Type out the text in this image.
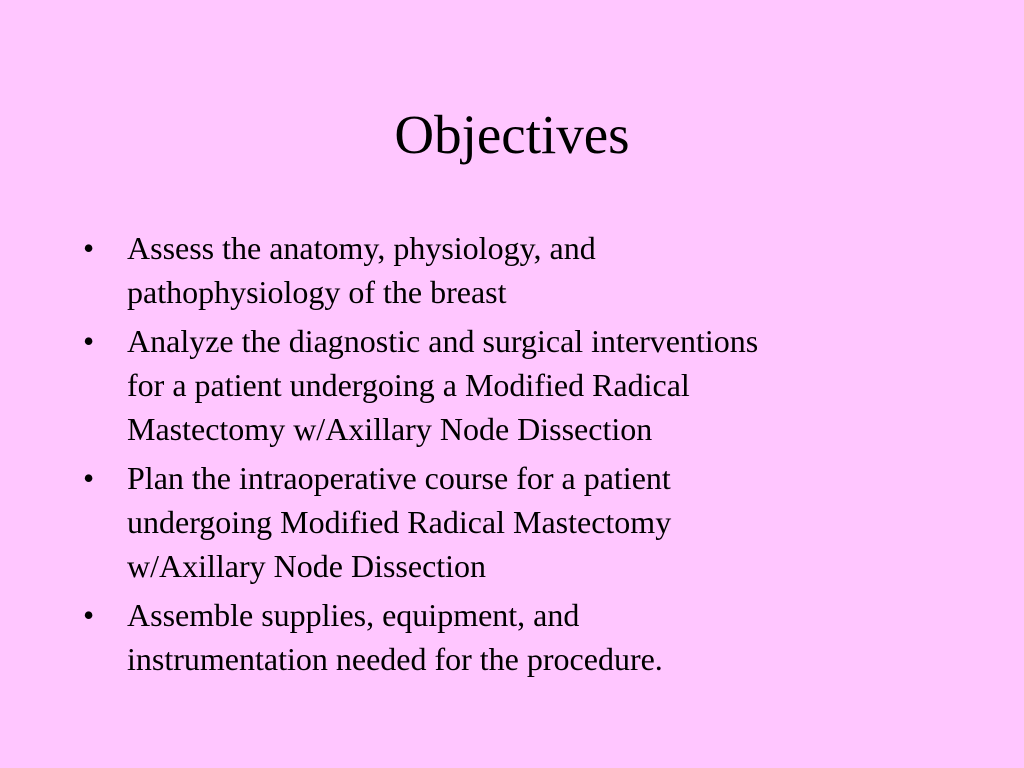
Objectives
•	Assess the anatomy, physiology, and
pathophysiology of the breast
•	Analyze the diagnostic and surgical interventions
for a patient undergoing a Modified Radical
Mastectomy w/Axillary Node Dissection
•	Plan the intraoperative course for a patient
undergoing Modified Radical Mastectomy
w/Axillary Node Dissection
•	Assemble supplies, equipment, and
instrumentation needed for the procedure.
